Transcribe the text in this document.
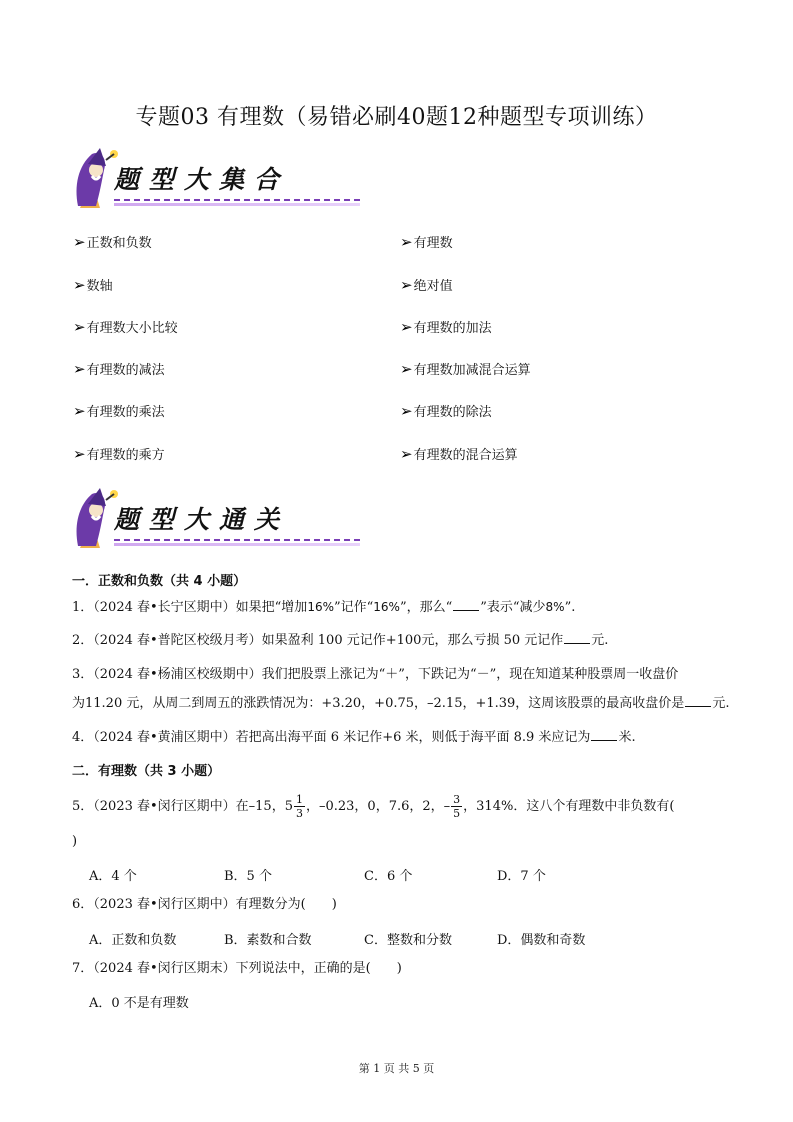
专题03 有理数（易错必刷40题12种题型专项训练）
题型大集合
➢正数和负数	➢有理数
➢数轴	➢绝对值
➢有理数大小比较	➢有理数的加法
➢有理数的减法	➢有理数加减混合运算
➢有理数的乘法	➢有理数的除法
➢有理数的乘方	➢有理数的混合运算
题型大通关
一．正数和负数（共 4 小题）
1．（2024 春•长宁区期中）如果把“增加16%”记作“16%”，那么“ ”表示“减少8%”.
2．（2024 春•普陀区校级月考）如果盈利 100 元记作+100元，那么亏损 50 元记作 元.
3．（2024 春•杨浦区校级期中）我们把股票上涨记为“＋”，下跌记为“－”，现在知道某种股票周一收盘价
为11.20 元，从周二到周五的涨跌情况为：+3.20，+0.75，–2.15，+1.39，这周该股票的最高收盘价是 元.
4．（2024 春•黄浦区期中）若把高出海平面 6 米记作+6 米，则低于海平面 8.9 米应记为 米.
二．有理数（共 3 小题）
5．（2023 春•闵行区期中）在–15，$5 \frac{1}{3}$ ，–0.23，0，7.6，2，– $\frac{3}{5}$ ，314%．这八个有理数中非负数有(
)
A．4 个	B．5 个	C．6 个	D．7 个
6．（2023 春•闵行区期中）有理数分为(　　)
A．正数和负数	B．素数和合数	C．整数和分数	D．偶数和奇数
7．（2024 春•闵行区期末）下列说法中，正确的是(　　)
A．0 不是有理数
第 1 页 共 5 页
